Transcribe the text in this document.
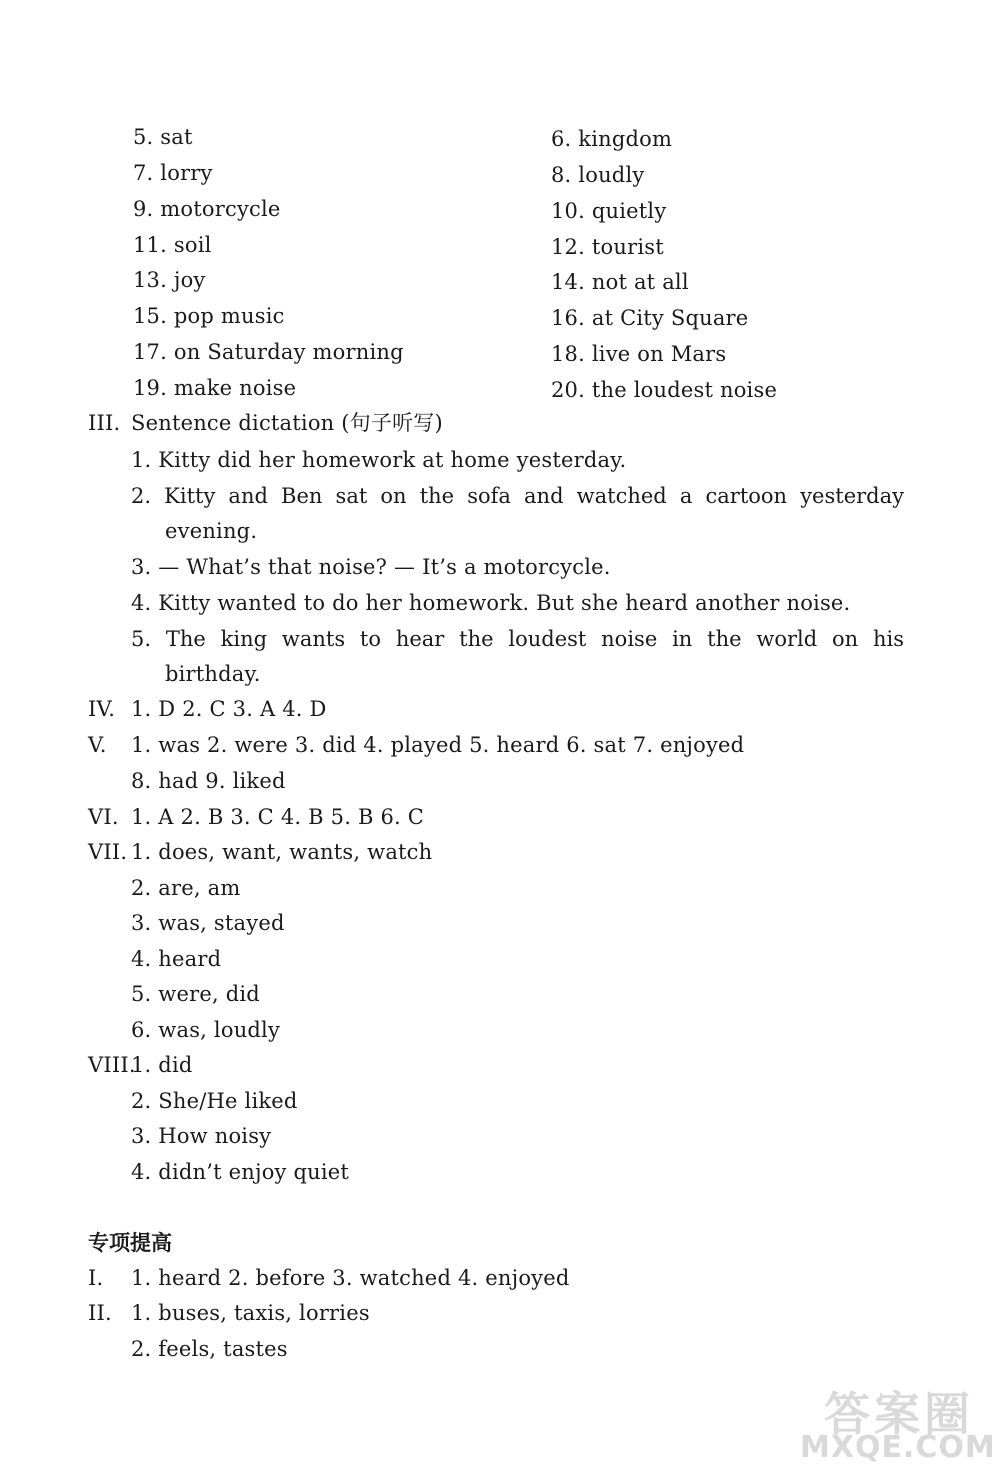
5. sat	6. kingdom
7. lorry	8. loudly
9. motorcycle	10. quietly
11. soil	12. tourist
13. joy	14. not at all
15. pop music	16. at City Square
17. on Saturday morning	18. live on Mars
19. make noise	20. the loudest noise
III. Sentence dictation (句子听写)
1. Kitty did her homework at home yesterday.
2. Kitty and Ben sat on the sofa and watched a cartoon yesterday
evening.
3. — What’s that noise? — It’s a motorcycle.
4. Kitty wanted to do her homework. But she heard another noise.
5. The king wants to hear the loudest noise in the world on his
birthday.
IV. 1. D 2. C 3. A 4. D
V. 1. was 2. were 3. did 4. played 5. heard 6. sat 7. enjoyed
8. had 9. liked
VI. 1. A 2. B 3. C 4. B 5. B 6. C
VII. 1. does, want, wants, watch
2. are, am
3. was, stayed
4. heard
5. were, did
6. was, loudly
VIII.
1. did
2. She/He liked
3. How noisy
4. didn’t enjoy quiet
专项提高
I. 1. heard 2. before 3. watched 4. enjoyed
II. 1. buses, taxis, lorries
2. feels, tastes
答案圈
MXQE.COM
